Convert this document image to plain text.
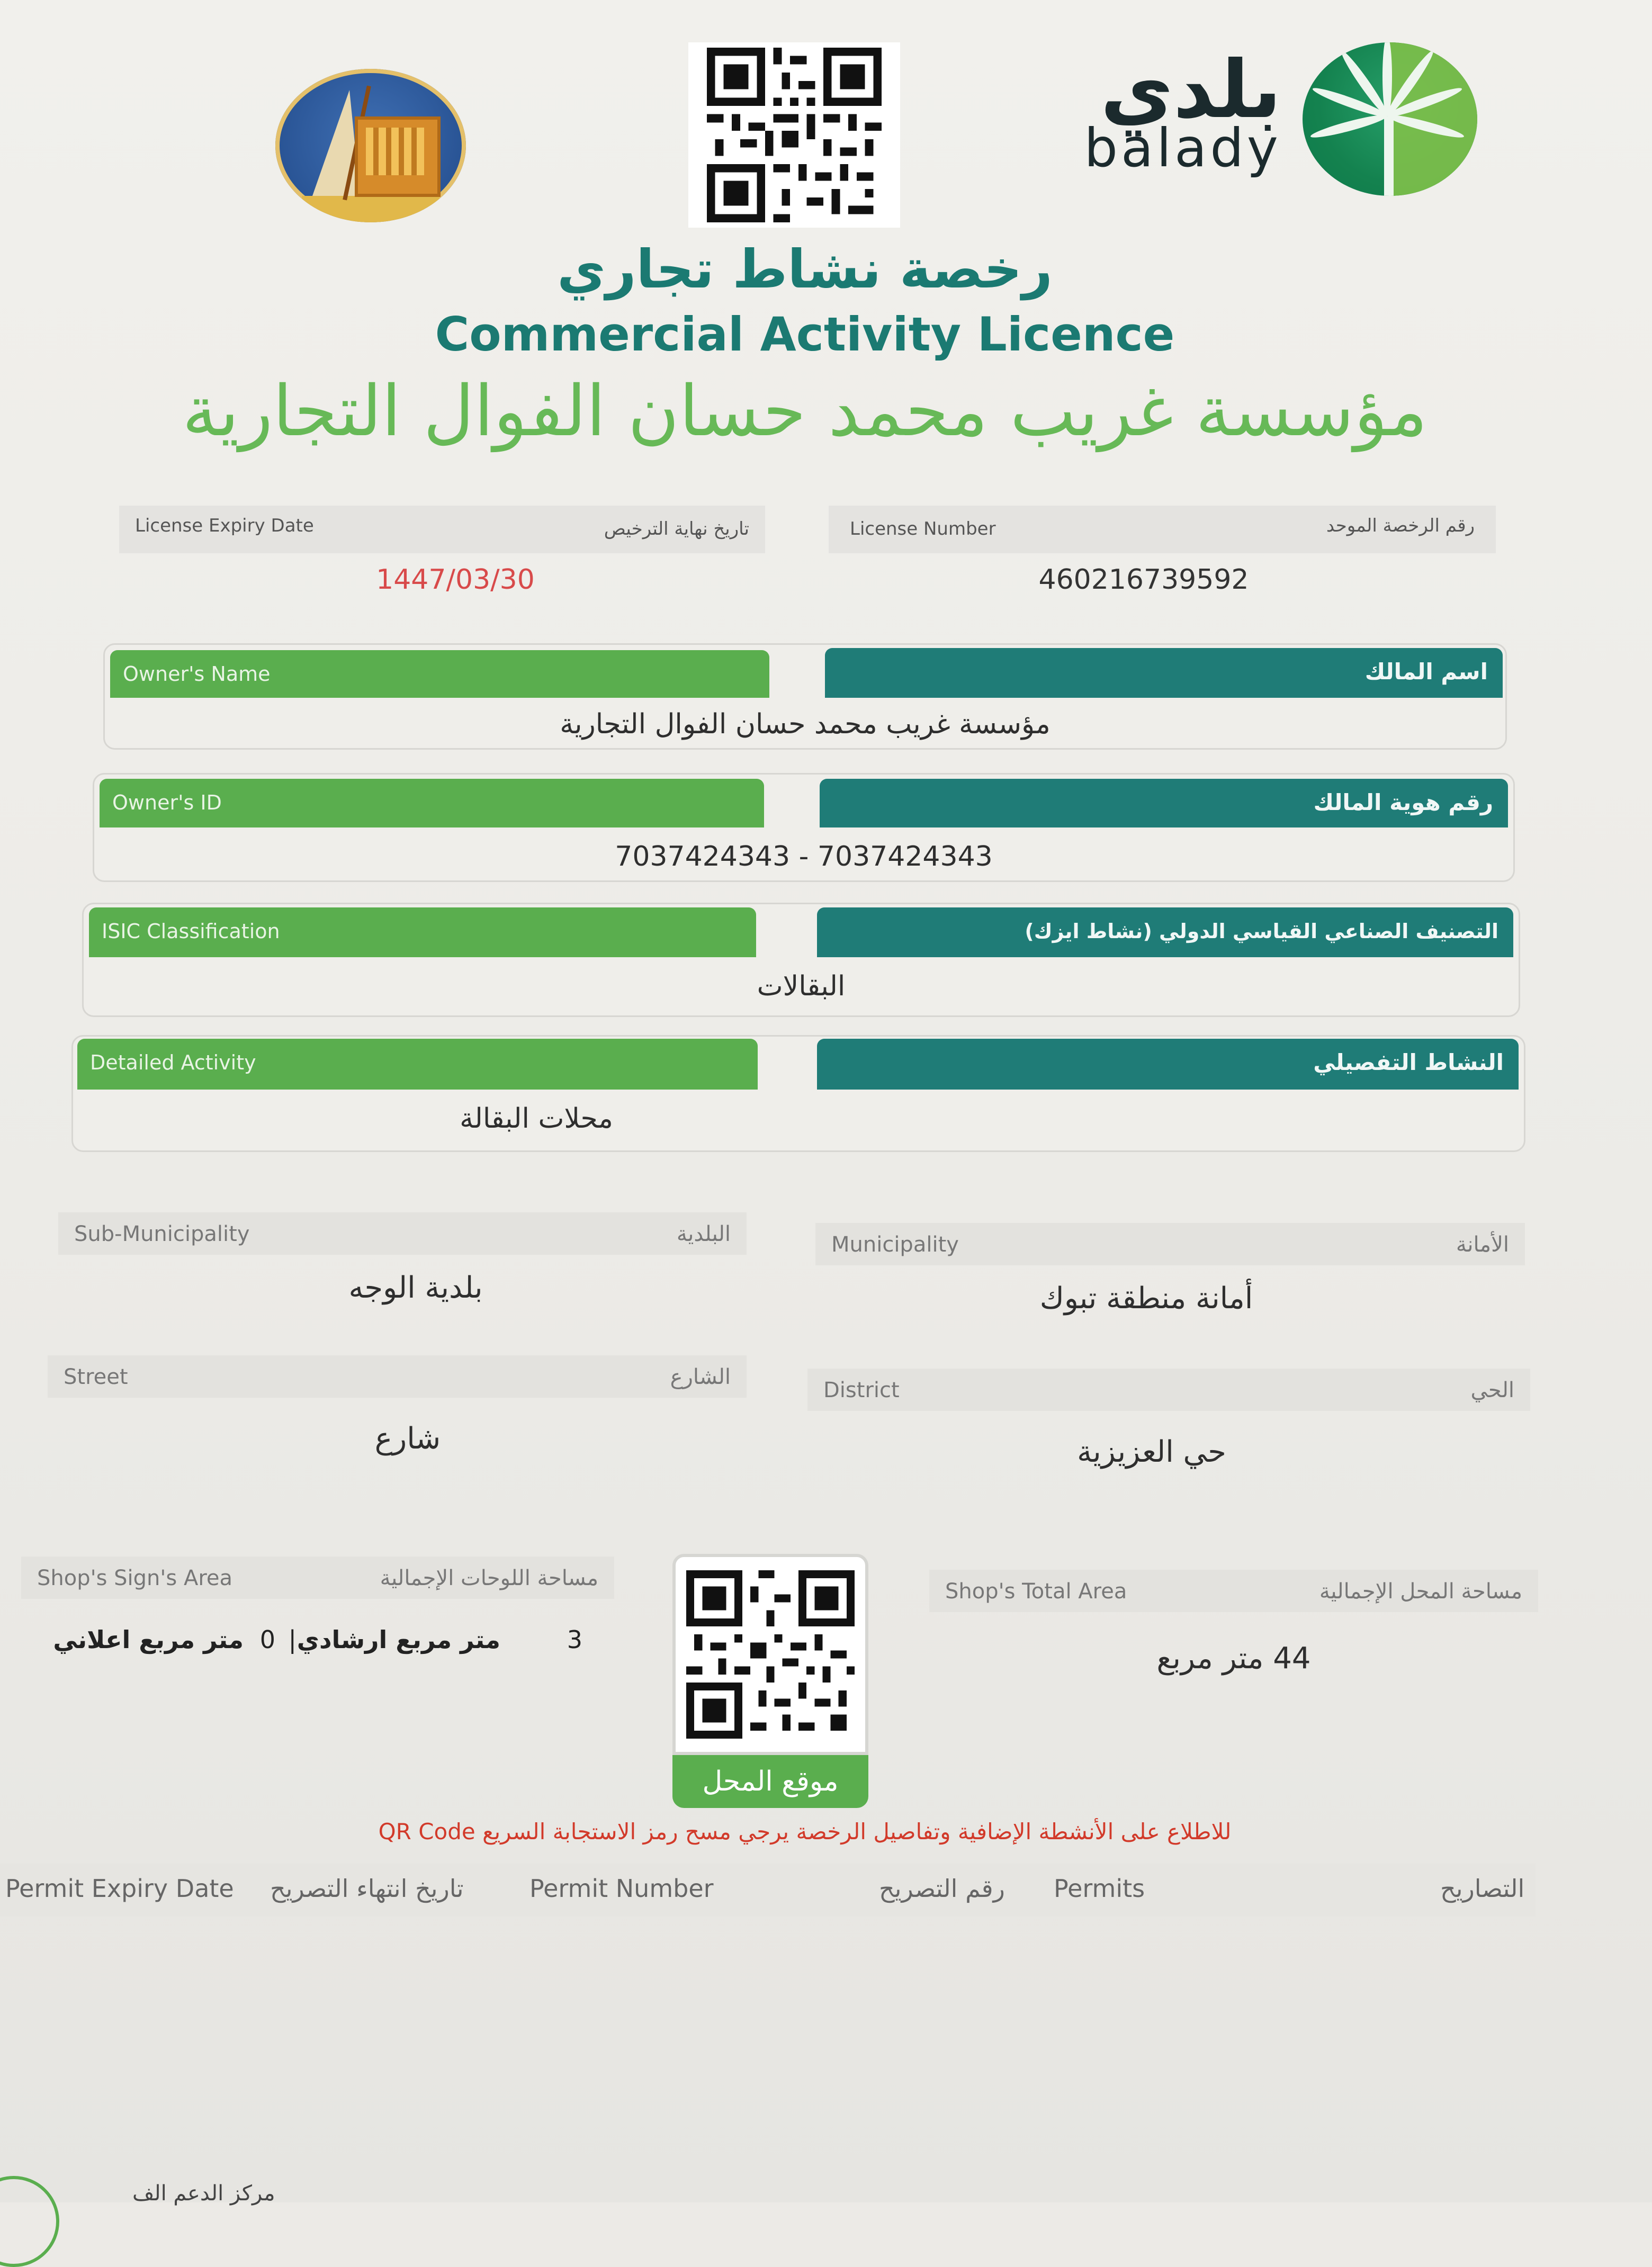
بلدي
balady
رخصة نشاط تجاري
Commercial Activity Licence
مؤسسة غريب محمد حسان الفوال التجارية
License Expiry Date	تاريخ نهاية الترخيص
1447/03/30
License Number	رقم الرخصة الموحد
460216739592
Owner's Name	اسم المالك
مؤسسة غريب محمد حسان الفوال التجارية
Owner's ID	رقم هوية المالك
7037424343 - 7037424343
ISIC Classification	التصنيف الصناعي القياسي الدولي (نشاط ايزك)
البقالات
Detailed Activity	النشاط التفصيلي
محلات البقالة
Sub-Municipality	البلدية
بلدية الوجه
Municipality	الأمانة
أمانة منطقة تبوك
Street	الشارع
شارع
District	الحي
حي العزيزية
Shop's Sign's Area	مساحة اللوحات الإجمالية
3
متر مربع ارشادي
|
0
متر مربع اعلاني
موقع المحل
Shop's Total Area	مساحة المحل الإجمالية
44 متر مربع
للاطلاع على الأنشطة الإضافية وتفاصيل الرخصة يرجي مسح رمز الاستجابة السريع QR Code
Permit Expiry Date تاريخ انتهاء التصريح	Permit Number	رقم التصريح Permits	التصاريح
مركز الدعم الف
